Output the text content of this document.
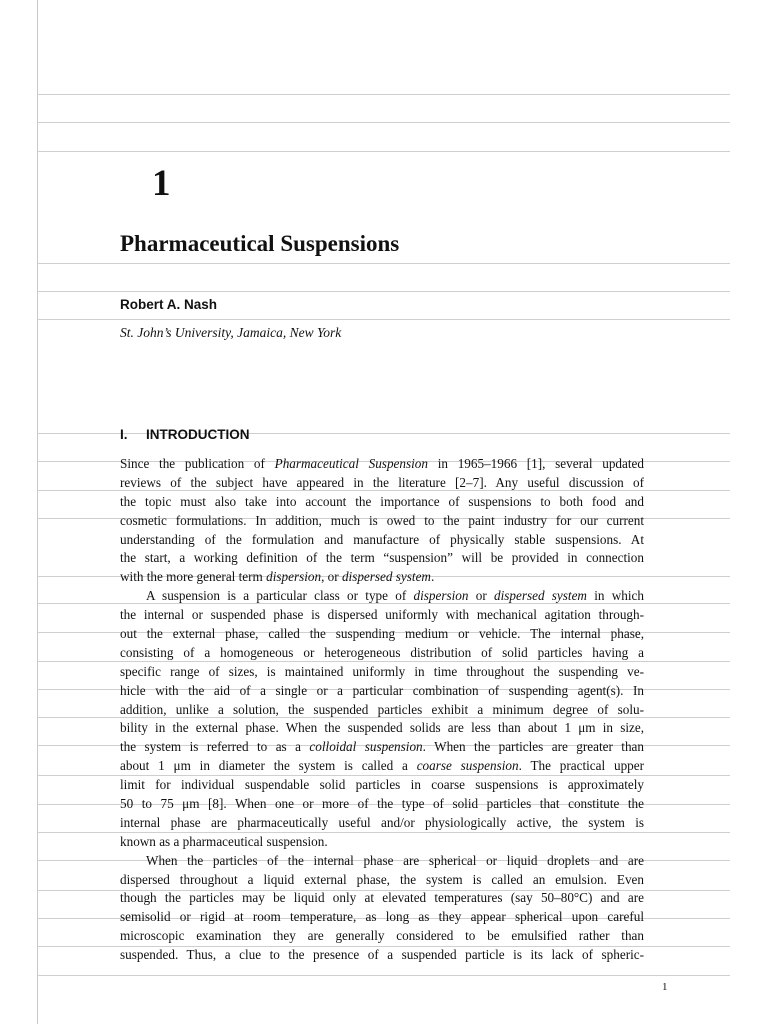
1
Pharmaceutical Suspensions
Robert A. Nash
St. John’s University, Jamaica, New York
I. INTRODUCTION
Since the publication of Pharmaceutical Suspension in 1965–1966 [1], several updated
reviews of the subject have appeared in the literature [2–7]. Any useful discussion of
the topic must also take into account the importance of suspensions to both food and
cosmetic formulations. In addition, much is owed to the paint industry for our current
understanding of the formulation and manufacture of physically stable suspensions. At
the start, a working definition of the term “suspension” will be provided in connection
with the more general term dispersion, or dispersed system.
A suspension is a particular class or type of dispersion or dispersed system in which
the internal or suspended phase is dispersed uniformly with mechanical agitation through-
out the external phase, called the suspending medium or vehicle. The internal phase,
consisting of a homogeneous or heterogeneous distribution of solid particles having a
specific range of sizes, is maintained uniformly in time throughout the suspending ve-
hicle with the aid of a single or a particular combination of suspending agent(s). In
addition, unlike a solution, the suspended particles exhibit a minimum degree of solu-
bility in the external phase. When the suspended solids are less than about 1 μm in size,
the system is referred to as a colloidal suspension. When the particles are greater than
about 1 μm in diameter the system is called a coarse suspension. The practical upper
limit for individual suspendable solid particles in coarse suspensions is approximately
50 to 75 μm [8]. When one or more of the type of solid particles that constitute the
internal phase are pharmaceutically useful and/or physiologically active, the system is
known as a pharmaceutical suspension.
When the particles of the internal phase are spherical or liquid droplets and are
dispersed throughout a liquid external phase, the system is called an emulsion. Even
though the particles may be liquid only at elevated temperatures (say 50–80°C) and are
semisolid or rigid at room temperature, as long as they appear spherical upon careful
microscopic examination they are generally considered to be emulsified rather than
suspended. Thus, a clue to the presence of a suspended particle is its lack of spheric-
1
